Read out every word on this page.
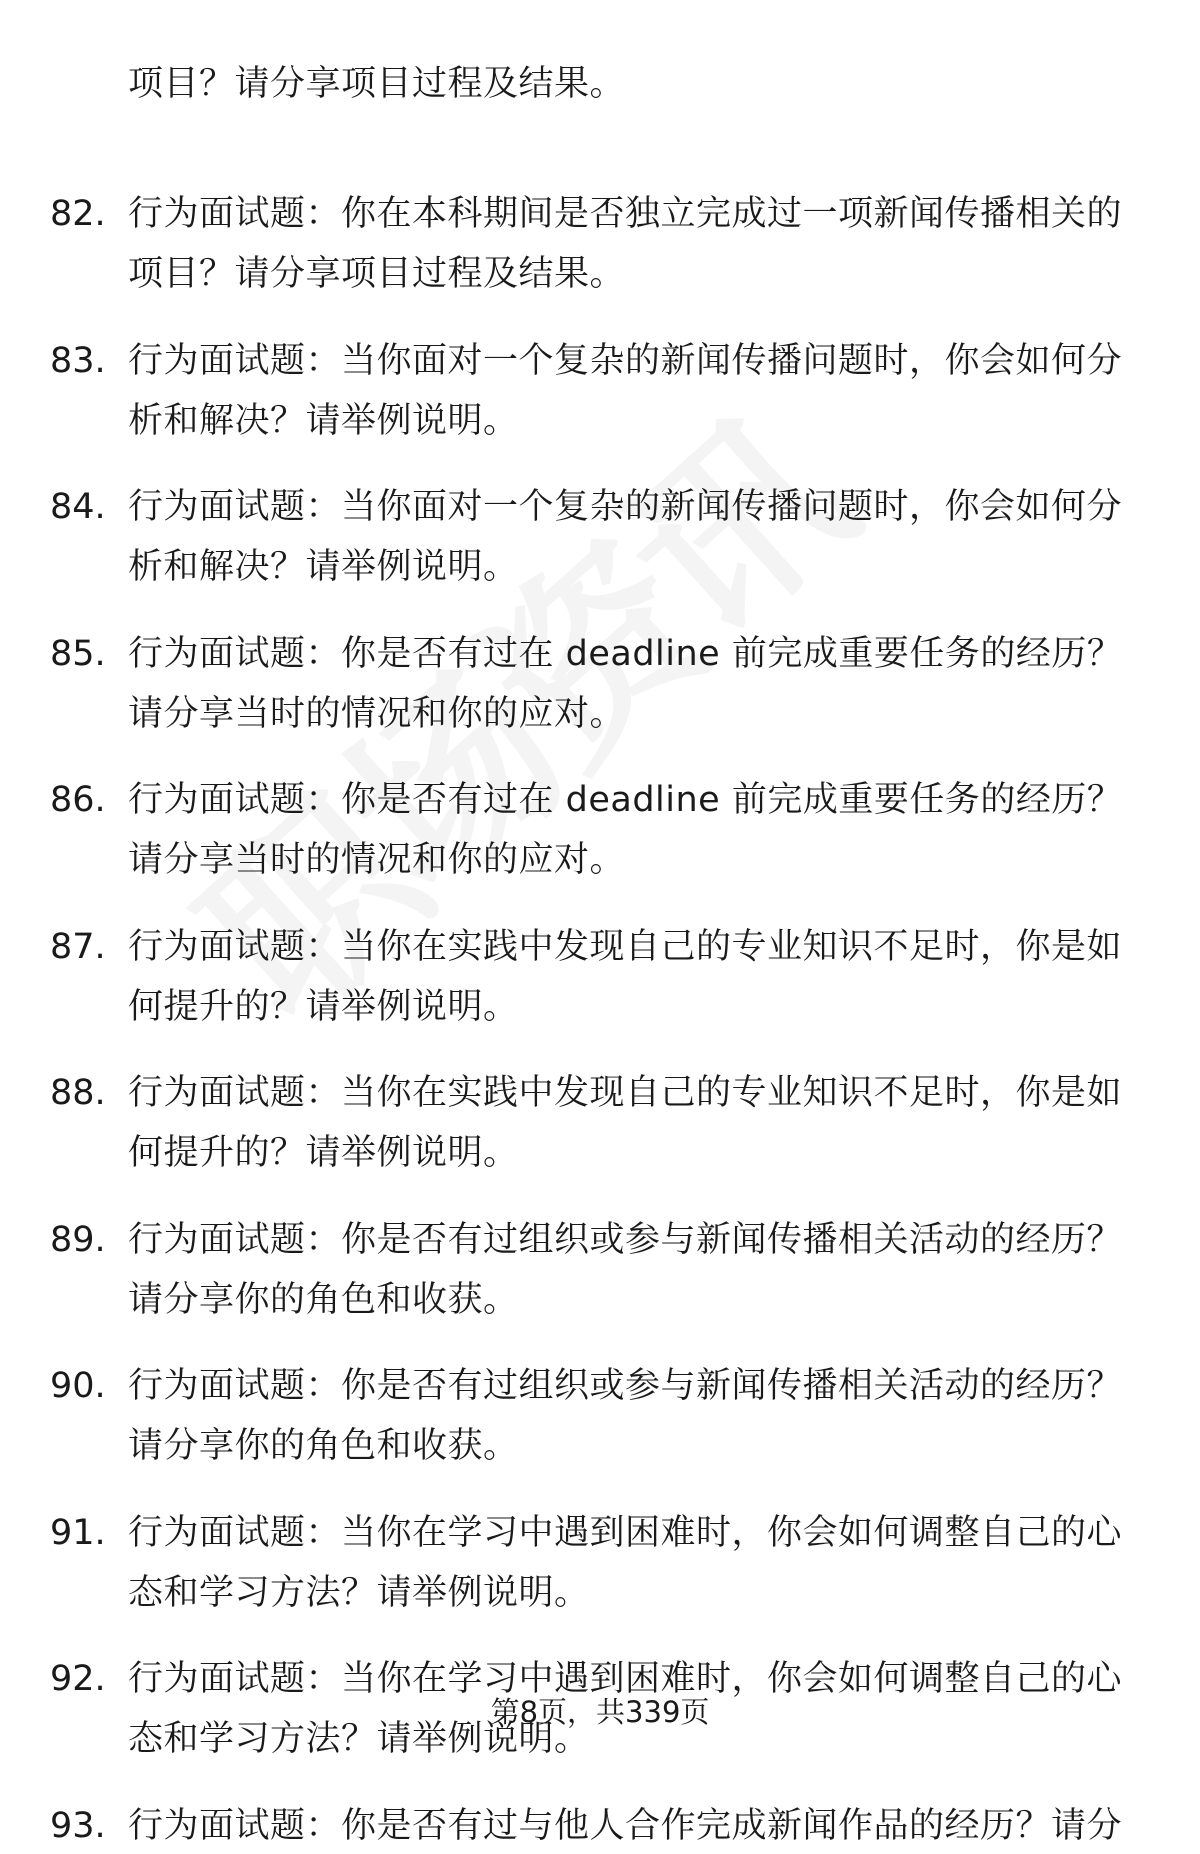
项目？请分享项目过程及结果。
82. 行为面试题：你在本科期间是否独立完成过一项新闻传播相关的
项目？请分享项目过程及结果。
83. 行为面试题：当你面对一个复杂的新闻传播问题时，你会如何分
析和解决？请举例说明。
84. 行为面试题：当你面对一个复杂的新闻传播问题时，你会如何分
析和解决？请举例说明。
85. 行为面试题：你是否有过在 deadline 前完成重要任务的经历？
请分享当时的情况和你的应对。
86. 行为面试题：你是否有过在 deadline 前完成重要任务的经历？
请分享当时的情况和你的应对。
87. 行为面试题：当你在实践中发现自己的专业知识不足时，你是如
何提升的？请举例说明。
88. 行为面试题：当你在实践中发现自己的专业知识不足时，你是如
何提升的？请举例说明。
89. 行为面试题：你是否有过组织或参与新闻传播相关活动的经历？
请分享你的角色和收获。
90. 行为面试题：你是否有过组织或参与新闻传播相关活动的经历？
请分享你的角色和收获。
91. 行为面试题：当你在学习中遇到困难时，你会如何调整自己的心
态和学习方法？请举例说明。
92. 行为面试题：当你在学习中遇到困难时，你会如何调整自己的心
态和学习方法？请举例说明。
93. 行为面试题：你是否有过与他人合作完成新闻作品的经历？请分
第8页，共339页
